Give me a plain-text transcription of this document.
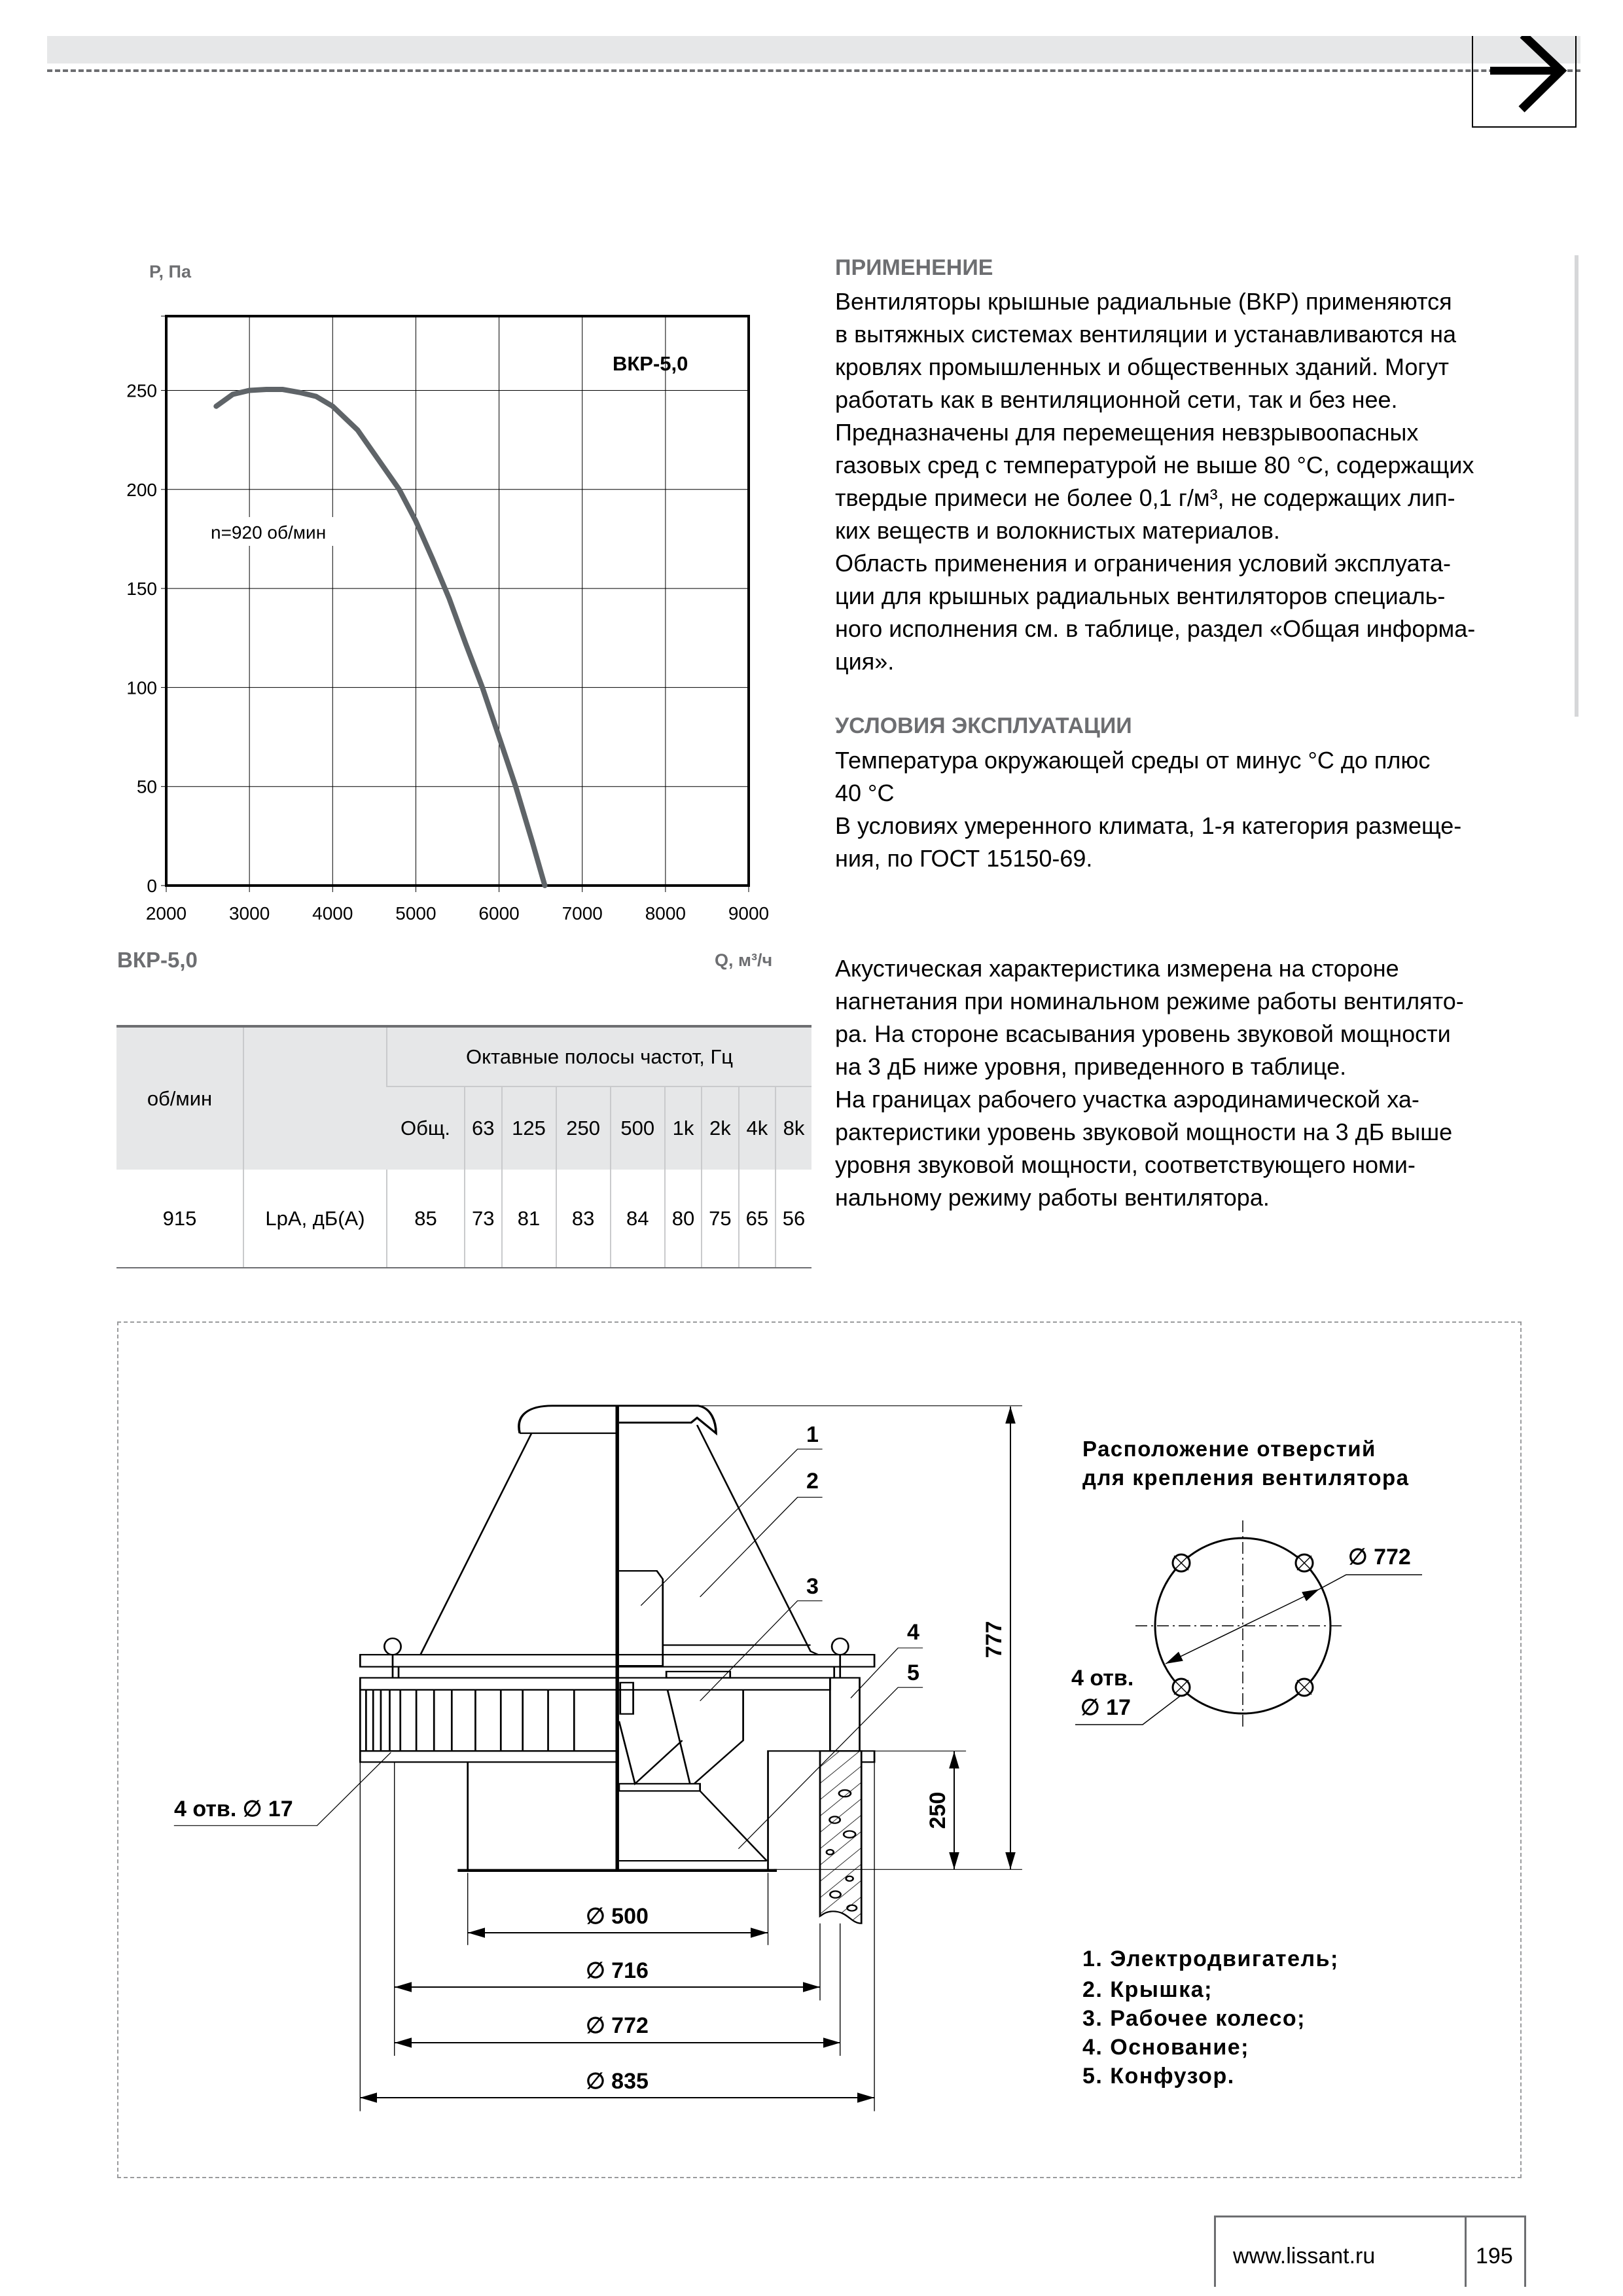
P, Па
Q, м³/ч
2000 3000 4000 5000 6000 7000 8000 9000
0
50
100
150
200
250
n=920 об/мин
ВКР-5,0
ВКР-5,0
об/мин		Октавные полосы частот, Гц								
		Общ.	63	125	250	500	1k	2k	4k	8k
915	LpA, дБ(A)	85	73	81	83	84	80	75	65	56
ПРИМЕНЕНИЕ
Вентиляторы крышные радиальные (ВКР) применяются
в вытяжных системах вентиляции и устанавливаются на
кровлях промышленных и общественных зданий. Могут
работать как в вентиляционной сети, так и без нее.
Предназначены для перемещения невзрывоопасных
газовых сред с температурой не выше 80 °C, содержащих
твердые примеси не более 0,1 г/м³, не содержащих лип-
ких веществ и волокнистых материалов.
Область применения и ограничения условий эксплуата-
ции для крышных радиальных вентиляторов специаль-
ного исполнения см. в таблице, раздел «Общая информа-
ция».
УСЛОВИЯ ЭКСПЛУАТАЦИИ
Температура окружающей среды от минус °C до плюс
40 °C
В условиях умеренного климата, 1-я категория размеще-
ния, по ГОСТ 15150-69.
Акустическая характеристика измерена на стороне
нагнетания при номинальном режиме работы вентилято-
ра. На стороне всасывания уровень звуковой мощности
на 3 дБ ниже уровня, приведенного в таблице.
На границах рабочего участка аэродинамической ха-
рактеристики уровень звуковой мощности на 3 дБ выше
уровня звуковой мощности, соответствующего номи-
нальному режиму работы вентилятора.
1
2
3
4
5
4 отв. ∅ 17
777
250
∅ 500
∅ 716
∅ 772
∅ 835
Расположение отверстий
для крепления вентилятора
∅ 772
4 отв.
∅ 17
1. Электродвигатель;
2. Крышка;
3. Рабочее колесо;
4. Основание;
5. Конфузор.
www.lissant.ru	195
